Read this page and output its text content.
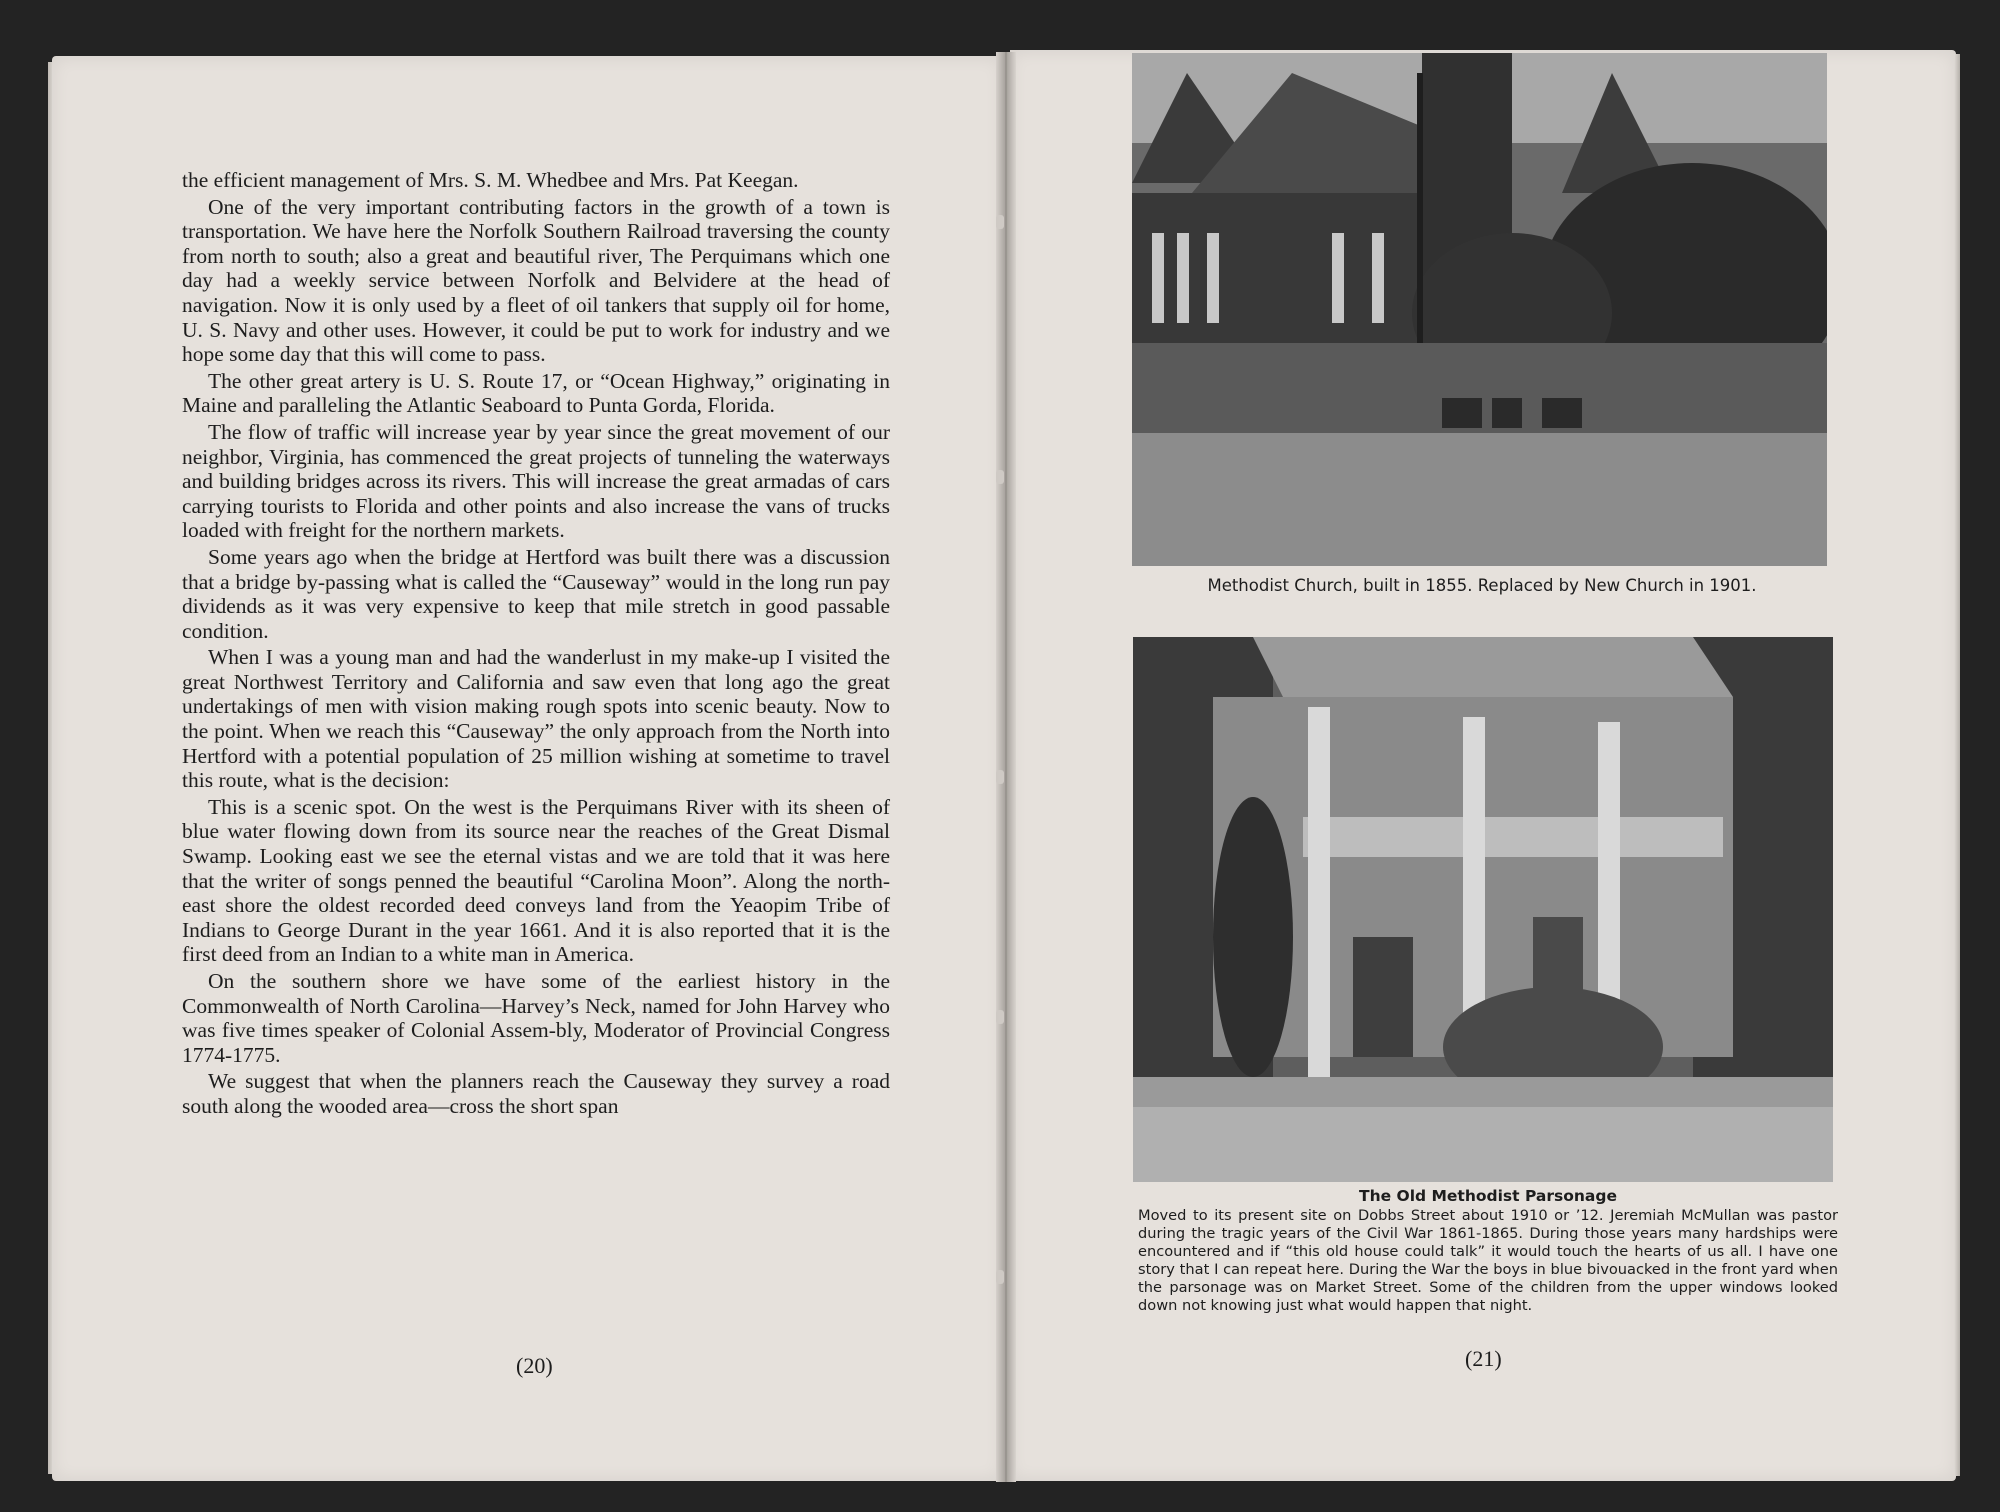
the efficient management of Mrs. S. M. Whedbee and Mrs. Pat Keegan.

One of the very important contributing factors in the growth of a town is transportation. We have here the Norfolk Southern Railroad traversing the county from north to south; also a great and beautiful river, The Perquimans which one day had a weekly service between Norfolk and Belvidere at the head of navigation. Now it is only used by a fleet of oil tankers that supply oil for home, U. S. Navy and other uses. However, it could be put to work for industry and we hope some day that this will come to pass.

The other great artery is U. S. Route 17, or “Ocean Highway,” originating in Maine and paralleling the Atlantic Seaboard to Punta Gorda, Florida.

The flow of traffic will increase year by year since the great movement of our neighbor, Virginia, has commenced the great projects of tunneling the waterways and building bridges across its rivers. This will increase the great armadas of cars carrying tourists to Florida and other points and also increase the vans of trucks loaded with freight for the northern markets.

Some years ago when the bridge at Hertford was built there was a discussion that a bridge by-passing what is called the “Causeway” would in the long run pay dividends as it was very expensive to keep that mile stretch in good passable condition.

When I was a young man and had the wanderlust in my make-up I visited the great Northwest Territory and California and saw even that long ago the great undertakings of men with vision making rough spots into scenic beauty. Now to the point. When we reach this “Causeway” the only approach from the North into Hertford with a potential population of 25 million wishing at sometime to travel this route, what is the decision:

This is a scenic spot. On the west is the Perquimans River with its sheen of blue water flowing down from its source near the reaches of the Great Dismal Swamp. Looking east we see the eternal vistas and we are told that it was here that the writer of songs penned the beautiful “Carolina Moon”. Along the north-east shore the oldest recorded deed conveys land from the Yeaopim Tribe of Indians to George Durant in the year 1661. And it is also reported that it is the first deed from an Indian to a white man in America.

On the southern shore we have some of the earliest history in the Commonwealth of North Carolina—Harvey’s Neck, named for John Harvey who was five times speaker of Colonial Assem-bly, Moderator of Provincial Congress 1774-1775.

We suggest that when the planners reach the Causeway they survey a road south along the wooded area—cross the short span

(20)
Methodist Church, built in 1855. Replaced by New Church in 1901.
The Old Methodist Parsonage
Moved to its present site on Dobbs Street about 1910 or ’12. Jeremiah McMullan was pastor during the tragic years of the Civil War 1861-1865. During those years many hardships were encountered and if “this old house could talk” it would touch the hearts of us all. I have one story that I can repeat here. During the War the boys in blue bivouacked in the front yard when the parsonage was on Market Street. Some of the children from the upper windows looked down not knowing just what would happen that night.
(21)
